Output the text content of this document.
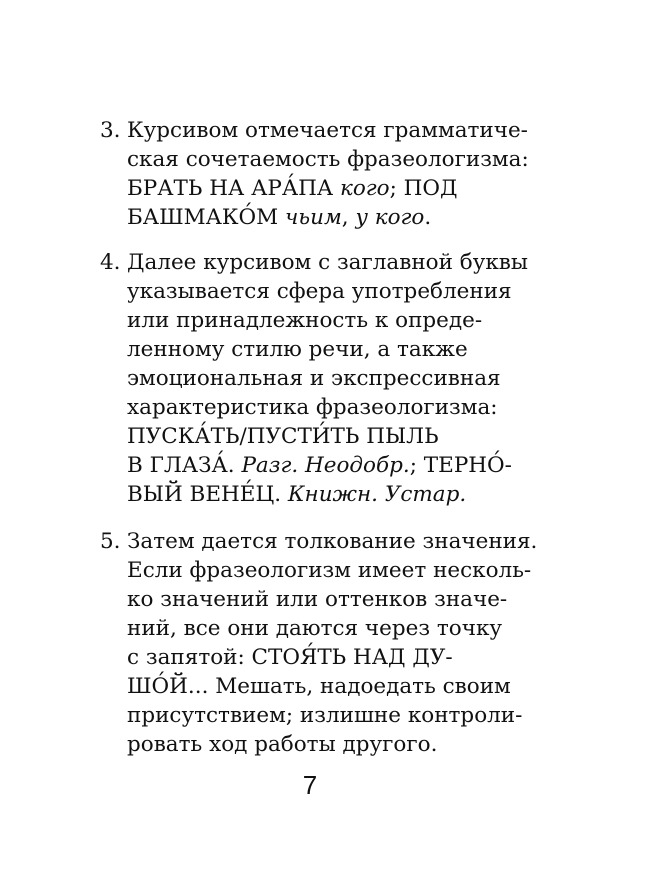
3. Курсивом отмечается грамматиче-
ская сочетаемость фразеологизма:
БРАТЬ НА АРА́ПА кого; ПОД
БАШМАКО́М чьим, у кого.
4. Далее курсивом с заглавной буквы
указывается сфера употребления
или принадлежность к опреде-
ленному стилю речи, а также
эмоциональная и экспрессивная
характеристика фразеологизма:
ПУСКА́ТЬ/ПУСТИ́ТЬ ПЫЛЬ
В ГЛАЗА́. Разг. Неодобр.; ТЕРНО́-
ВЫЙ ВЕНЕ́Ц. Книжн. Устар.
5. Затем дается толкование значения.
Если фразеологизм имеет несколь-
ко значений или оттенков значе-
ний, все они даются через точку
с запятой: СТОЯ́ТЬ НАД ДУ-
ШО́Й... Мешать, надоедать своим
присутствием; излишне контроли-
ровать ход работы другого.
7
